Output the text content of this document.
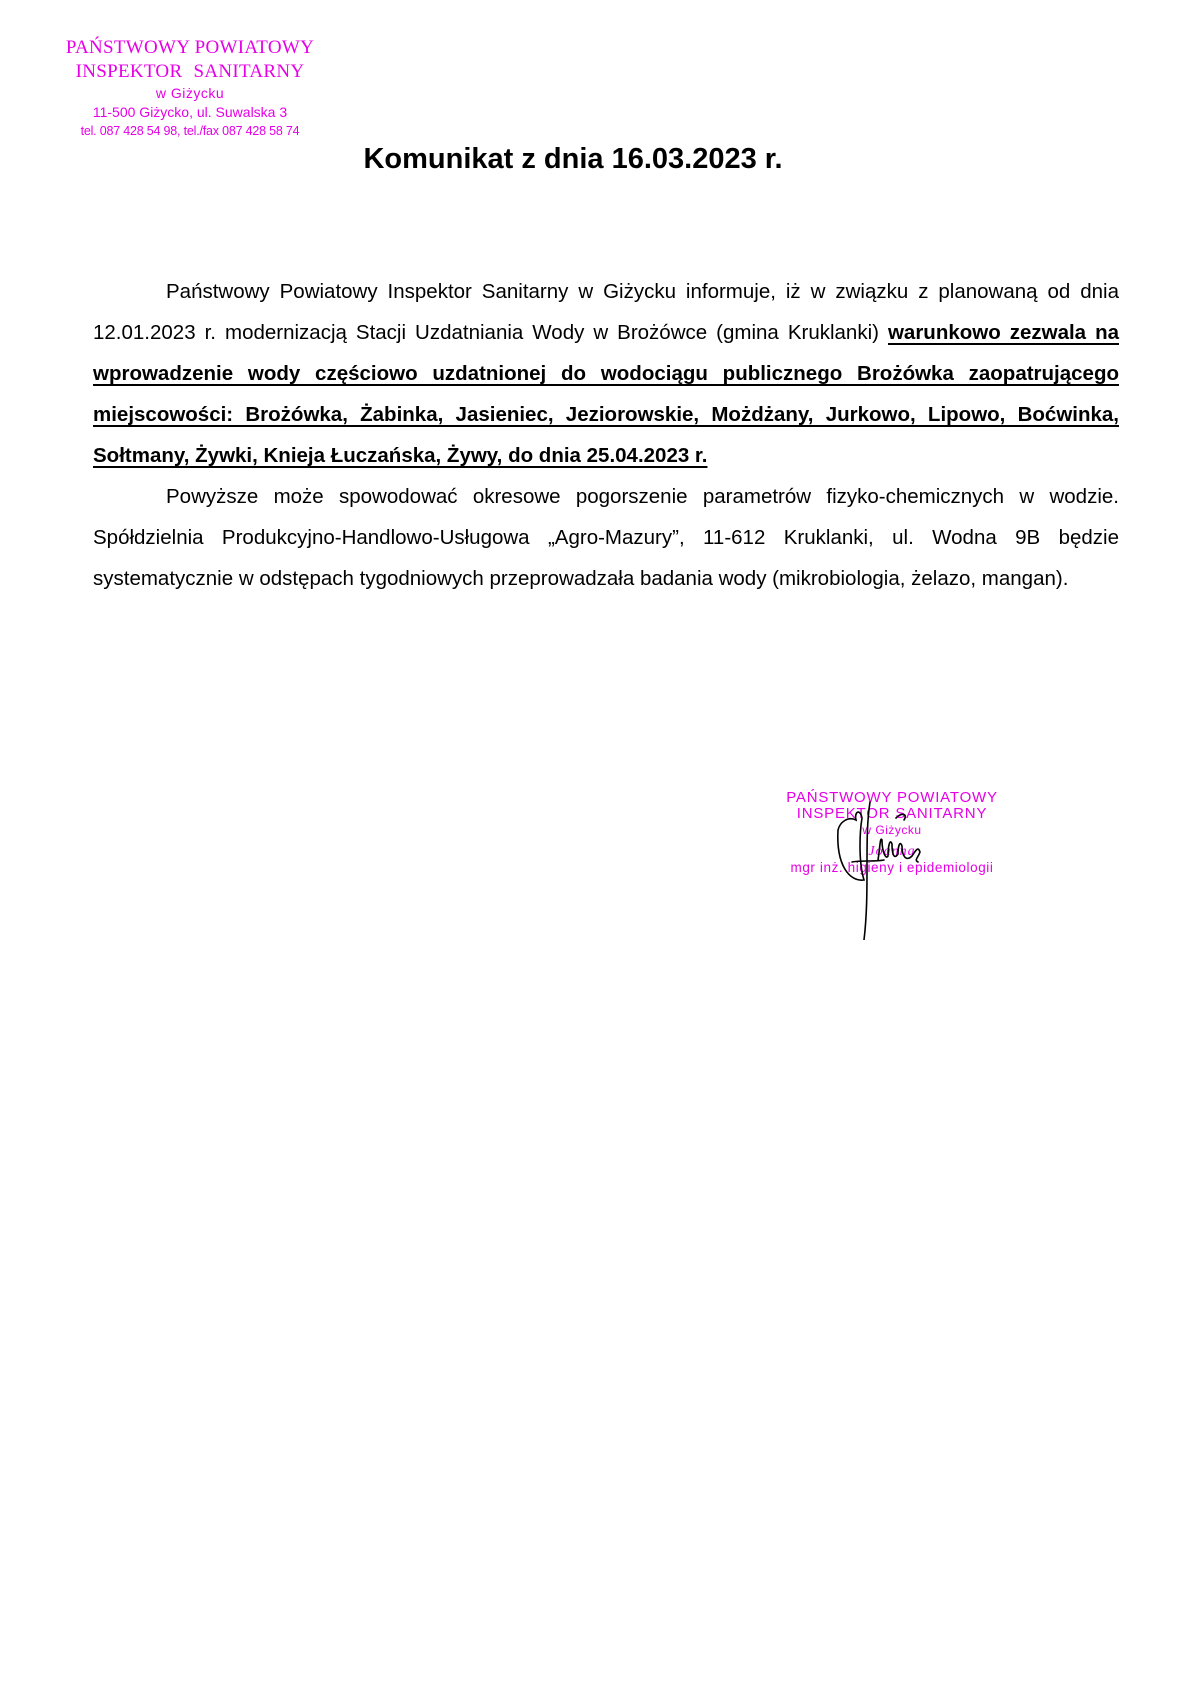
PAŃSTWOWY POWIATOWY
INSPEKTOR SANITARNY
w Giżycku
11-500 Giżycko, ul. Suwalska 3
tel. 087 428 54 98, tel./fax 087 428 58 74
Komunikat z dnia 16.03.2023 r.

Państwowy Powiatowy Inspektor Sanitarny w Giżycku informuje, iż w związku z planowaną od dnia 12.01.2023 r. modernizacją Stacji Uzdatniania Wody w Brożówce (gmina Kruklanki) warunkowo zezwala na wprowadzenie wody częściowo uzdatnionej do wodociągu publicznego Brożówka zaopatrującego miejscowości: Brożówka, Żabinka, Jasieniec, Jeziorowskie, Możdżany, Jurkowo, Lipowo, Boćwinka, Sołtmany, Żywki, Knieja Łuczańska, Żywy, do dnia 25.04.2023 r.

Powyższe może spowodować okresowe pogorszenie parametrów fizyko-chemicznych w wodzie. Spółdzielnia Produkcyjno-Handlowo-Usługowa „Agro-Mazury”, 11-612 Kruklanki, ul. Wodna 9B będzie systematycznie w odstępach tygodniowych przeprowadzała badania wody (mikrobiologia, żelazo, mangan).

PAŃSTWOWY POWIATOWY
INSPEKTOR SANITARNY
w Giżycku
Joanna
mgr inż. higieny i epidemiologii
